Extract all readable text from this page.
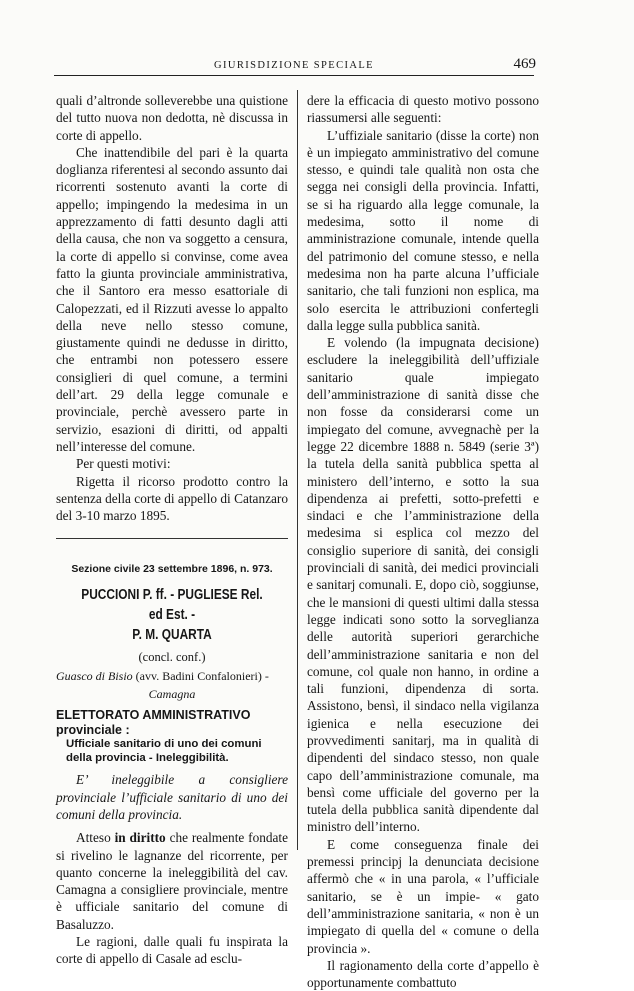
GIURISDIZIONE SPECIALE	469

quali d’altronde solleverebbe una quistione del tutto nuova non dedotta, nè discussa in corte di appello.

Che inattendibile del pari è la quarta doglianza riferentesi al secondo assunto dai ricorrenti sostenuto avanti la corte di appello; impingendo la medesima in un apprezzamento di fatti desunto dagli atti della causa, che non va soggetto a censura, la corte di appello si convinse, come avea fatto la giunta provinciale amministrativa, che il Santoro era messo esattoriale di Calopezzati, ed il Rizzuti avesse lo appalto della neve nello stesso comune, giustamente quindi ne dedusse in diritto, che entrambi non potessero essere consiglieri di quel comune, a termini dell’art. 29 della legge comunale e provinciale, perchè avessero parte in servizio, esazioni di diritti, od appalti nell’interesse del comune.

Per questi motivi:

Rigetta il ricorso prodotto contro la sentenza della corte di appello di Catanzaro del 3-10 marzo 1895.

Sezione civile 23 settembre 1896, n. 973.
PUCCIONI P. ff. - PUGLIESE Rel. ed Est. -
P. M. QUARTA
(concl. conf.)
Guasco di Bisio (avv. Badini Confalonieri) -
Camagna
ELETTORATO AMMINISTRATIVO provinciale :
Ufficiale sanitario di uno dei comuni della provincia - Ineleggibilità.

E’ ineleggibile a consigliere provinciale l’ufficiale sanitario di uno dei comuni della provincia.

Atteso in diritto che realmente fondate si rivelino le lagnanze del ricorrente, per quanto concerne la ineleggibilità del cav. Camagna a consigliere provinciale, mentre è ufficiale sanitario del comune di Basaluzzo.

Le ragioni, dalle quali fu inspirata la corte di appello di Casale ad esclu-

dere la efficacia di questo motivo possono riassumersi alle seguenti:

L’uffiziale sanitario (disse la corte) non è un impiegato amministrativo del comune stesso, e quindi tale qualità non osta che segga nei consigli della provincia. Infatti, se si ha riguardo alla legge comunale, la medesima, sotto il nome di amministrazione comunale, intende quella del patrimonio del comune stesso, e nella medesima non ha parte alcuna l’ufficiale sanitario, che tali funzioni non esplica, ma solo esercita le attribuzioni confertegli dalla legge sulla pubblica sanità.

E volendo (la impugnata decisione) escludere la ineleggibilità dell’uffiziale sanitario quale impiegato dell’amministrazione di sanità disse che non fosse da considerarsi come un impiegato del comune, avvegnachè per la legge 22 dicembre 1888 n. 5849 (serie 3ª) la tutela della sanità pubblica spetta al ministero dell’interno, e sotto la sua dipendenza ai prefetti, sotto-prefetti e sindaci e che l’amministrazione della medesima si esplica col mezzo del consiglio superiore di sanità, dei consigli provinciali di sanità, dei medici provinciali e sanitarj comunali. E, dopo ciò, soggiunse, che le mansioni di questi ultimi dalla stessa legge indicati sono sotto la sorveglianza delle autorità superiori gerarchiche dell’amministrazione sanitaria e non del comune, col quale non hanno, in ordine a tali funzioni, dipendenza di sorta. Assistono, bensì, il sindaco nella vigilanza igienica e nella esecuzione dei provvedimenti sanitarj, ma in qualità di dipendenti del sindaco stesso, non quale capo dell’amministrazione comunale, ma bensì come ufficiale del governo per la tutela della pubblica sanità dipendente dal ministro dell’interno.

E come conseguenza finale dei premessi principj la denunciata decisione affermò che « in una parola, « l’ufficiale sanitario, se è un impie- « gato dell’amministrazione sanitaria, « non è un impiegato di quella del « comune o della provincia ».

Il ragionamento della corte d’appello è opportunamente combattuto
